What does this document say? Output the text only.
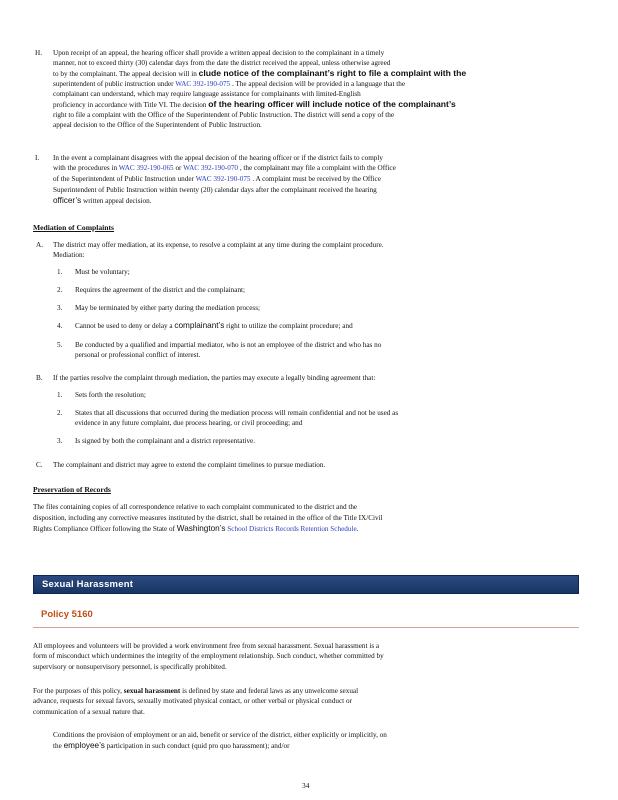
H. Upon receipt of an appeal, the hearing officer shall provide a written appeal decision to the complainant in a timely
manner, not to exceed thirty (30) calendar days from the date the district received the appeal, unless otherwise agreed
to by the complainant. The appeal decision will in clude notice of the complainant’s right to file a complaint with the
superintendent of public instruction under WAC 392-190-075 . The appeal decision will be provided in a language that the
complainant can understand, which may require language assistance for complainants with limited-English
proficiency in accordance with Title VI. The decision of the hearing officer will include notice of the complainant’s
right to file a complaint with the Office of the Superintendent of Public Instruction. The district will send a copy of the
appeal decision to the Office of the Superintendent of Public Instruction.
I. In the event a complainant disagrees with the appeal decision of the hearing officer or if the district fails to comply
with the procedures in WAC 392-190-065 or WAC 392-190-070 , the complainant may file a complaint with the Office
of the Superintendent of Public Instruction under WAC 392-190-075 . A complaint must be received by the Office
Superintendent of Public Instruction within twenty (20) calendar days after the complainant received the hearing
officer’s written appeal decision.
Mediation of Complaints
A. The district may offer mediation, at its expense, to resolve a complaint at any time during the complaint procedure.
Mediation:
1. Must be voluntary;
2. Requires the agreement of the district and the complainant;
3. May be terminated by either party during the mediation process;
4. Cannot be used to deny or delay a complainant’s right to utilize the complaint procedure; and
5. Be conducted by a qualified and impartial mediator, who is not an employee of the district and who has no
personal or professional conflict of interest.
B. If the parties resolve the complaint through mediation, the parties may execute a legally binding agreement that:
1. Sets forth the resolution;
2. States that all discussions that occurred during the mediation process will remain confidential and not be used as
evidence in any future complaint, due process hearing, or civil proceeding; and
3. Is signed by both the complainant and a district representative.
C. The complainant and district may agree to extend the complaint timelines to pursue mediation.
Preservation of Records
The files containing copies of all correspondence relative to each complaint communicated to the district and the
disposition, including any corrective measures instituted by the district, shall be retained in the office of the Title IX/Civil
Rights Compliance Officer following the State of Washington’s School Districts Records Retention Schedule.
Sexual Harassment
Policy 5160
All employees and volunteers will be provided a work environment free from sexual harassment. Sexual harassment is a
form of misconduct which undermines the integrity of the employment relationship. Such conduct, whether committed by
supervisory or nonsupervisory personnel, is specifically prohibited.
For the purposes of this policy, sexual harassment is defined by state and federal laws as any unwelcome sexual
advance, requests for sexual favors, sexually motivated physical contact, or other verbal or physical conduct or
communication of a sexual nature that.
Conditions the provision of employment or an aid, benefit or service of the district, either explicitly or implicitly, on
the employee’s participation in such conduct (quid pro quo harassment); and/or
34
